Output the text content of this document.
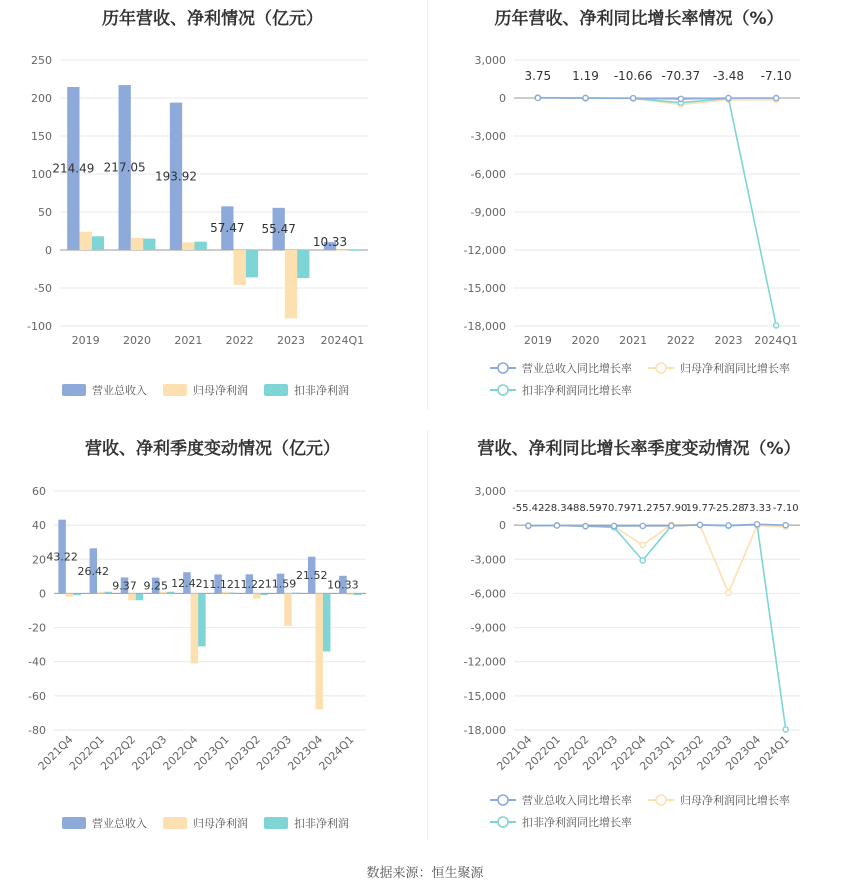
历年营收、净利情况（亿元）
250
200
150
100
50
0
-50
-100
2019 2020 2021 2022 2023 2024Q1
214.49 217.05
193.92
57.47 55.47
10.33
营业总收入	归母净利润	扣非净利润
历年营收、净利同比增长率情况（%）
3,000
0
-3,000
-6,000
-9,000
-12,000
-15,000
-18,000
2019 2020 2021 2022 2023 2024Q1
3.75 1.19 -10.66 -70.37 -3.48 -7.10
营业总收入同比增长率	归母净利润同比增长率
扣非净利润同比增长率
营收、净利季度变动情况（亿元）
60
40
20
0
-20
-40
-60
-80
2021Q4
2022Q1
2022Q2
2022Q3
2022Q4
2023Q1
2023Q2
2023Q3
2023Q4
2024Q1
43.22
26.42
9.37 9.25 12.42 11.12 11.22 11.59
21.52
10.33
营业总收入	归母净利润	扣非净利润
营收、净利同比增长率季度变动情况（%）
3,000
0
-3,000
-6,000
-9,000
-12,000
-15,000
-18,000
2021Q4
2022Q1
2022Q2
2022Q3
2022Q4
2023Q1
2023Q2
2023Q3
2023Q4
2024Q1
-55.42
-28.34
-88.59
-70.79
-71.27
-57.90
19.77
-25.28
73.33 -7.10
营业总收入同比增长率	归母净利润同比增长率
扣非净利润同比增长率
数据来源：恒生聚源
